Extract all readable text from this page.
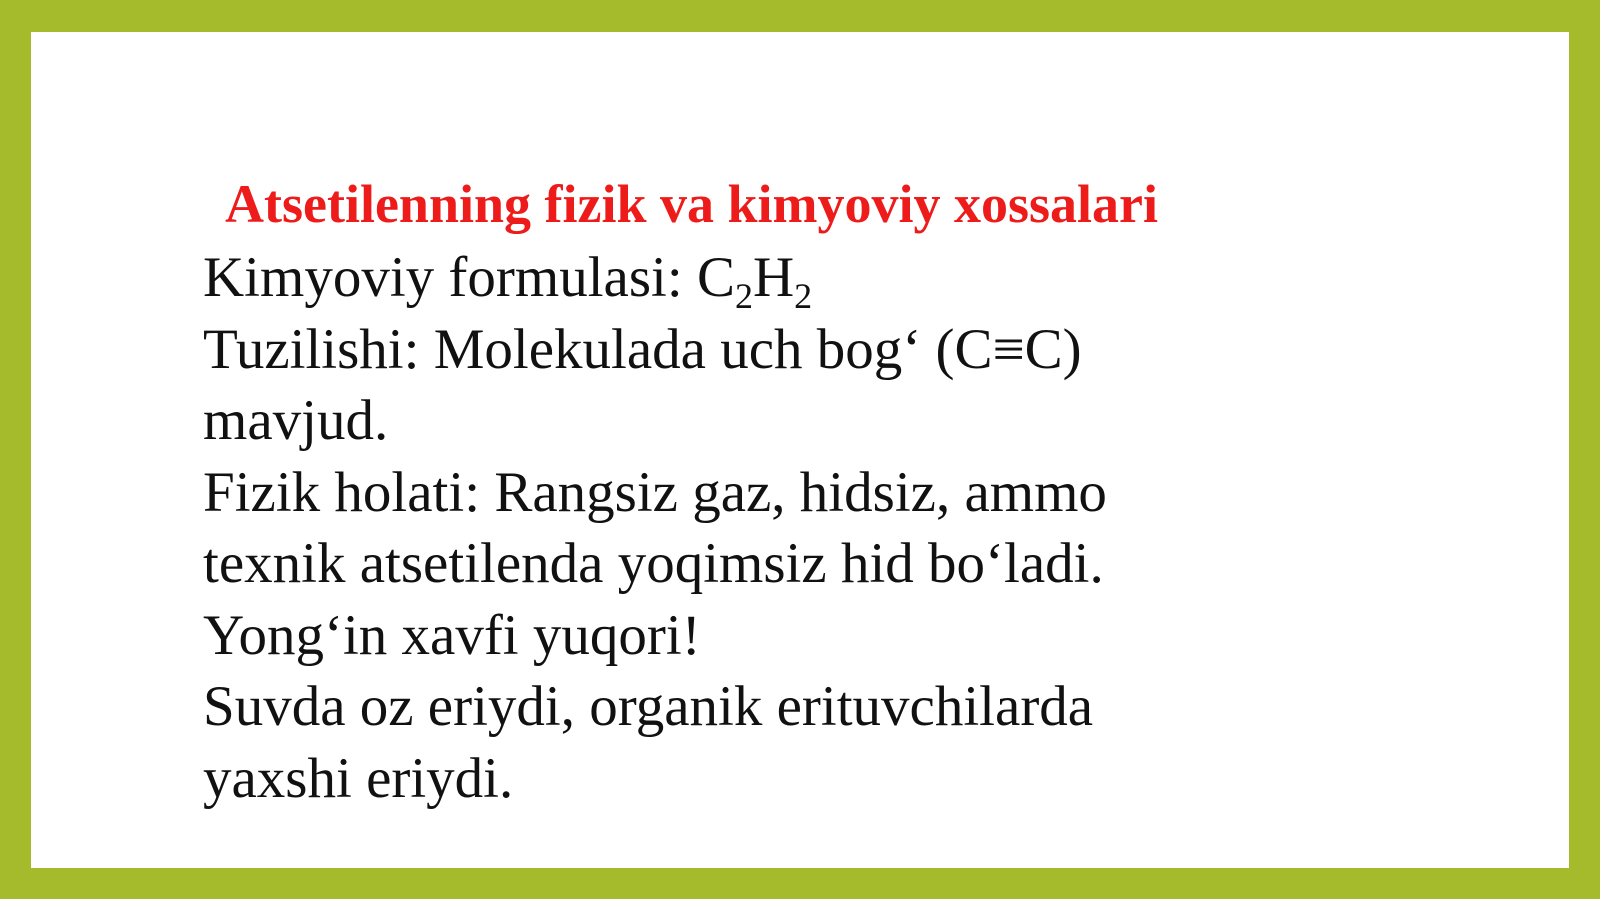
Atsetilenning fizik va kimyoviy xossalari
Kimyoviy formulasi: $C_2H_2$
Tuzilishi: Molekulada uch bog‘ (C≡C)
mavjud.
Fizik holati: Rangsiz gaz, hidsiz, ammo
texnik atsetilenda yoqimsiz hid bo‘ladi.
Yong‘in xavfi yuqori!
Suvda oz eriydi, organik erituvchilarda
yaxshi eriydi.
